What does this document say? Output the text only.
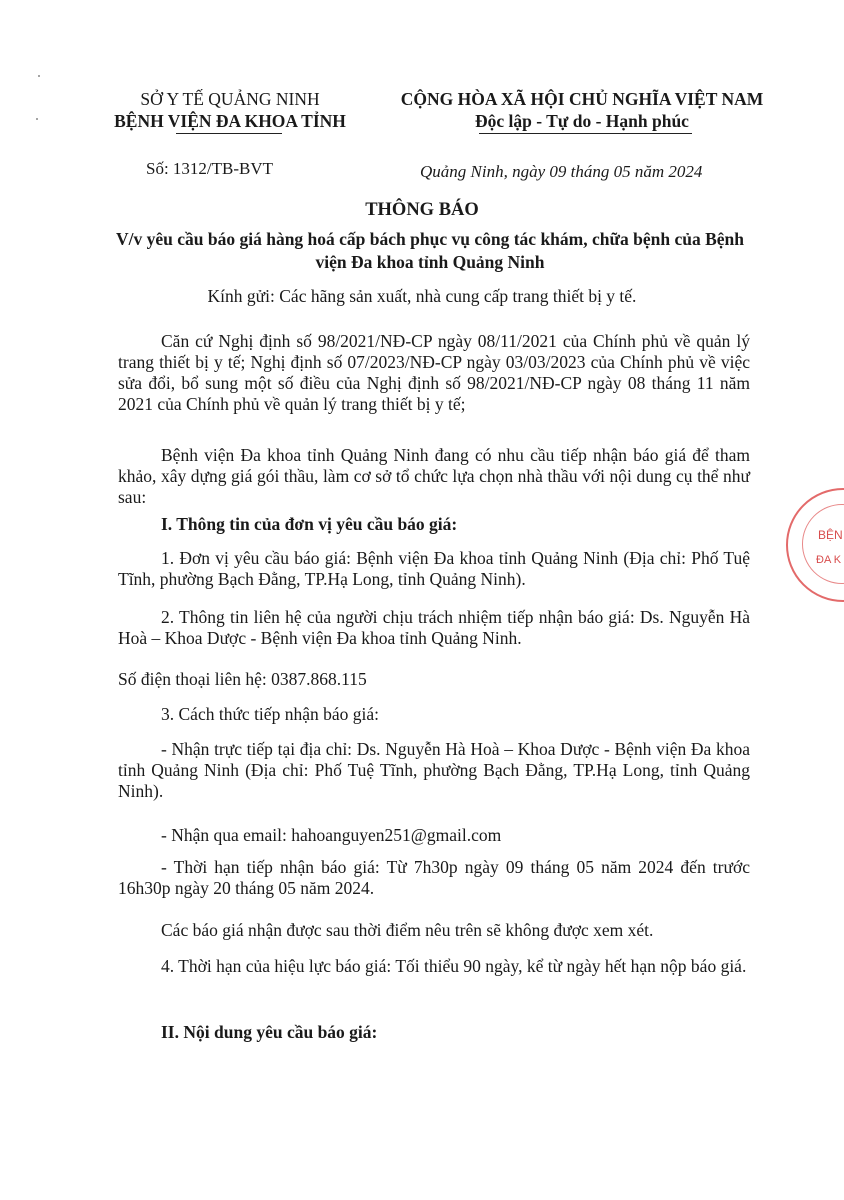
SỞ Y TẾ QUẢNG NINH
BỆNH VIỆN ĐA KHOA TỈNH
CỘNG HÒA XÃ HỘI CHỦ NGHĨA VIỆT NAM
Độc lập - Tự do - Hạnh phúc
Số: 1312/TB-BVT	Quảng Ninh, ngày 09 tháng 05 năm 2024
THÔNG BÁO
V/v yêu cầu báo giá hàng hoá cấp bách phục vụ công tác khám, chữa bệnh của Bệnh viện Đa khoa tỉnh Quảng Ninh
Kính gửi: Các hãng sản xuất, nhà cung cấp trang thiết bị y tế.
Căn cứ Nghị định số 98/2021/NĐ-CP ngày 08/11/2021 của Chính phủ về quản lý trang thiết bị y tế; Nghị định số 07/2023/NĐ-CP ngày 03/03/2023 của Chính phủ về việc sửa đổi, bổ sung một số điều của Nghị định số 98/2021/NĐ-CP ngày 08 tháng 11 năm 2021 của Chính phủ về quản lý trang thiết bị y tế;
Bệnh viện Đa khoa tỉnh Quảng Ninh đang có nhu cầu tiếp nhận báo giá để tham khảo, xây dựng giá gói thầu, làm cơ sở tổ chức lựa chọn nhà thầu với nội dung cụ thể như sau:
I. Thông tin của đơn vị yêu cầu báo giá:
1. Đơn vị yêu cầu báo giá: Bệnh viện Đa khoa tỉnh Quảng Ninh (Địa chỉ: Phố Tuệ Tĩnh, phường Bạch Đằng, TP.Hạ Long, tỉnh Quảng Ninh).
2. Thông tin liên hệ của người chịu trách nhiệm tiếp nhận báo giá: Ds. Nguyễn Hà Hoà – Khoa Dược - Bệnh viện Đa khoa tỉnh Quảng Ninh.
Số điện thoại liên hệ: 0387.868.115
3. Cách thức tiếp nhận báo giá:
- Nhận trực tiếp tại địa chỉ: Ds. Nguyễn Hà Hoà – Khoa Dược - Bệnh viện Đa khoa tỉnh Quảng Ninh (Địa chỉ: Phố Tuệ Tĩnh, phường Bạch Đằng, TP.Hạ Long, tỉnh Quảng Ninh).
- Nhận qua email: hahoanguyen251@gmail.com
- Thời hạn tiếp nhận báo giá: Từ 7h30p ngày 09 tháng 05 năm 2024 đến trước 16h30p ngày 20 tháng 05 năm 2024.
Các báo giá nhận được sau thời điểm nêu trên sẽ không được xem xét.
4. Thời hạn của hiệu lực báo giá: Tối thiểu 90 ngày, kể từ ngày hết hạn nộp báo giá.
II. Nội dung yêu cầu báo giá:
BỆN
ĐA K
